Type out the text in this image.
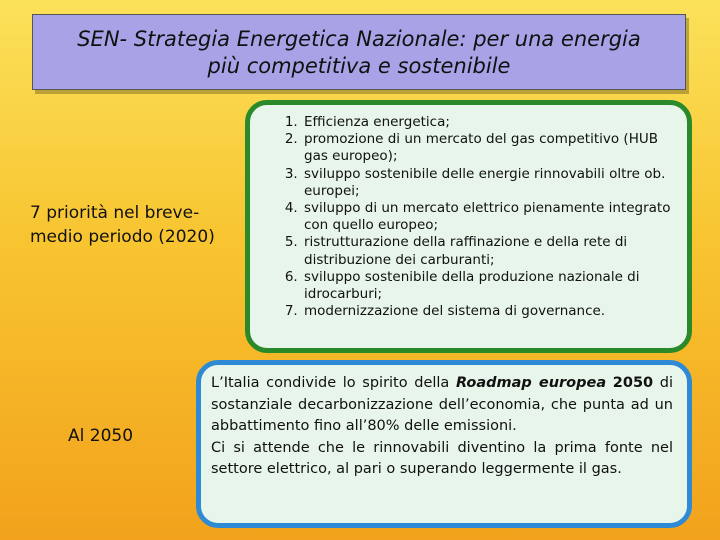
SEN- Strategia Energetica Nazionale: per una energia
più competitiva e sostenibile
7 priorità nel breve-medio periodo (2020)
1. Efficienza energetica;
2. promozione di un mercato del gas competitivo (HUB gas europeo);
3. sviluppo sostenibile delle energie rinnovabili oltre ob. europei;
4. sviluppo di un mercato elettrico pienamente integrato con quello europeo;
5. ristrutturazione della raffinazione e della rete di distribuzione dei carburanti;
6. sviluppo sostenibile della produzione nazionale di idrocarburi;
7. modernizzazione del sistema di governance.
Al 2050

L’Italia condivide lo spirito della Roadmap europea 2050 di sostanziale decarbonizzazione dell’economia, che punta ad un abbattimento fino all’80% delle emissioni.

Ci si attende che le rinnovabili diventino la prima fonte nel settore elettrico, al pari o superando leggermente il gas.
